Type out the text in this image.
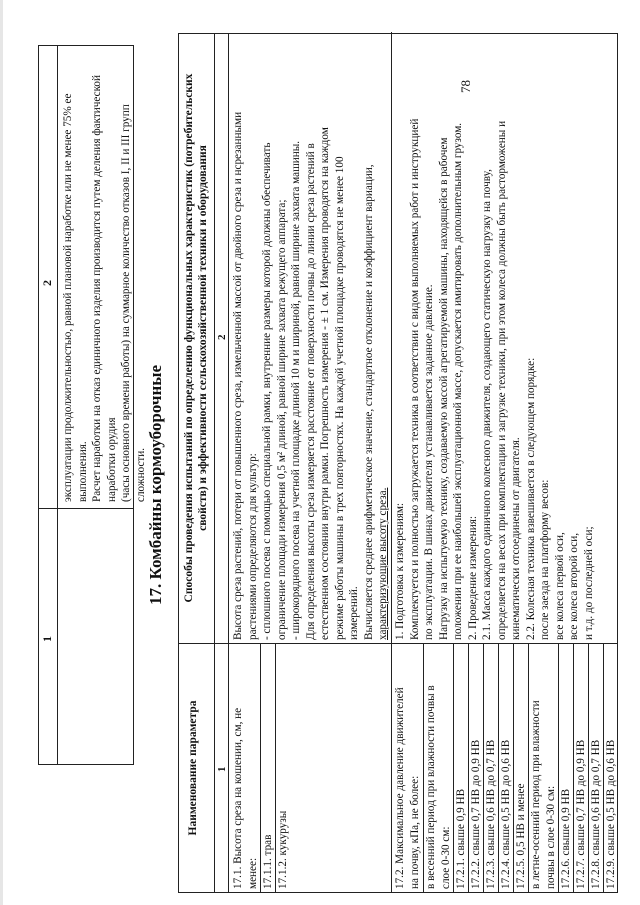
78
1
2 эксплуатации продолжительностью, равной плановой наработке или не менее 75% ее выполнения. Расчет наработки на отказ единичного изделия производится путем деления фактической наработки орудия (часы основного времени работы) на суммарное количество отказов I, II и III групп сложности. 17. Комбайны кормоуборочные
Наименование параметра
Способы проведения испытаний по определению функциональных характеристик (потребительских свойств) и эффективности сельскохозяйственной техники и оборудования
1
2
17.1. Высота среза на кошении, см, не менее: 17.1.1. трав 17.1.2. кукурузы	17.2. Максимальное давление движителей на почву, кПа, не более: в весенний период при влажности почвы в слое 0-30 см: 17.2.1. свыше 0,9 НВ 17.2.2. свыше 0,7 НВ до 0,9 НВ 17.2.3. свыше 0,6 НВ до 0,7 НВ 17.2.4. свыше 0,5 НВ до 0,6 НВ 17.2.5. 0,5 НВ и менее в летне-осенний период при влажности почвы в слое 0-30 см: 17.2.6. свыше 0,9 НВ 17.2.7. свыше 0,7 НВ до 0,9 НВ 17.2.8. свыше 0,6 НВ до 0,7 НВ 17.2.9. свыше 0,5 НВ до 0,6 НВ
Высота среза растений, потери от повышенного среза, измельченной массой от двойного среза и нсрезанными растениями определяются для культур: - сплошного посева с помощью специальной рамки, внутренние размеры которой должны обеспечивать ограничение площади измерения 0,5 м² длиной, равной ширине захвата режущего аппарата; - широкорядного посева на учетной площадке длиной 10 м и шириной, равной ширине захвата машины. Для определения высоты среза измеряется расстояние от поверхности почвы до линии среза растений в естественном состоянии внутри рамки. Погрешность измерения - ± 1 см. Измерения проводятся на каждом режиме работы машины в трех повторностях. На каждой учетной площадке проводятся не менее 100 измерений. Вычисляется среднее арифметическое значение, стандартное отклонение и коэффициент вариации, характеризующие высоту среза. 1. Подготовка к измерениям: Комплектуется и полностью загружается техника в соответствии с видом выполняемых работ и инструкцией по эксплуатации. В шинах движителя устанавливается заданное давление. Нагрузку на испытуемую технику, создаваемую массой агрегатируемой машины, находящейся в рабочем положении при ее наибольшей эксплуатационной массе, допускается имитировать дополнительным грузом. 2. Проведение измерения: 2.1. Масса каждого единичного колесного движителя, создающего статическую нагрузку на почву, определяется на весах при комплектации и загрузке техники, при этом колеса должны быть расторможены и кинематически отсоединены от двигателя. 2.2. Колесная техника взвешивается в следующем порядке: после заезда на платформу весов: все колеса первой оси, все колеса второй оси, и т.д. до последней оси;
